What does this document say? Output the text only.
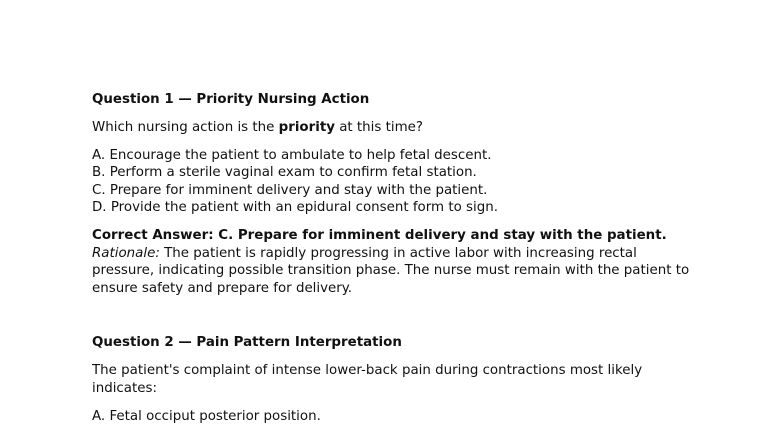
Question 1 — Priority Nursing Action

Which nursing action is the priority at this time?

A. Encourage the patient to ambulate to help fetal descent.
B. Perform a sterile vaginal exam to confirm fetal station.
C. Prepare for imminent delivery and stay with the patient.
D. Provide the patient with an epidural consent form to sign.

Correct Answer: C. Prepare for imminent delivery and stay with the patient.

Rationale: The patient is rapidly progressing in active labor with increasing rectal pressure, indicating possible transition phase. The nurse must remain with the patient to ensure safety and prepare for delivery.

Question 2 — Pain Pattern Interpretation

The patient's complaint of intense lower-back pain during contractions most likely indicates:

A. Fetal occiput posterior position.
